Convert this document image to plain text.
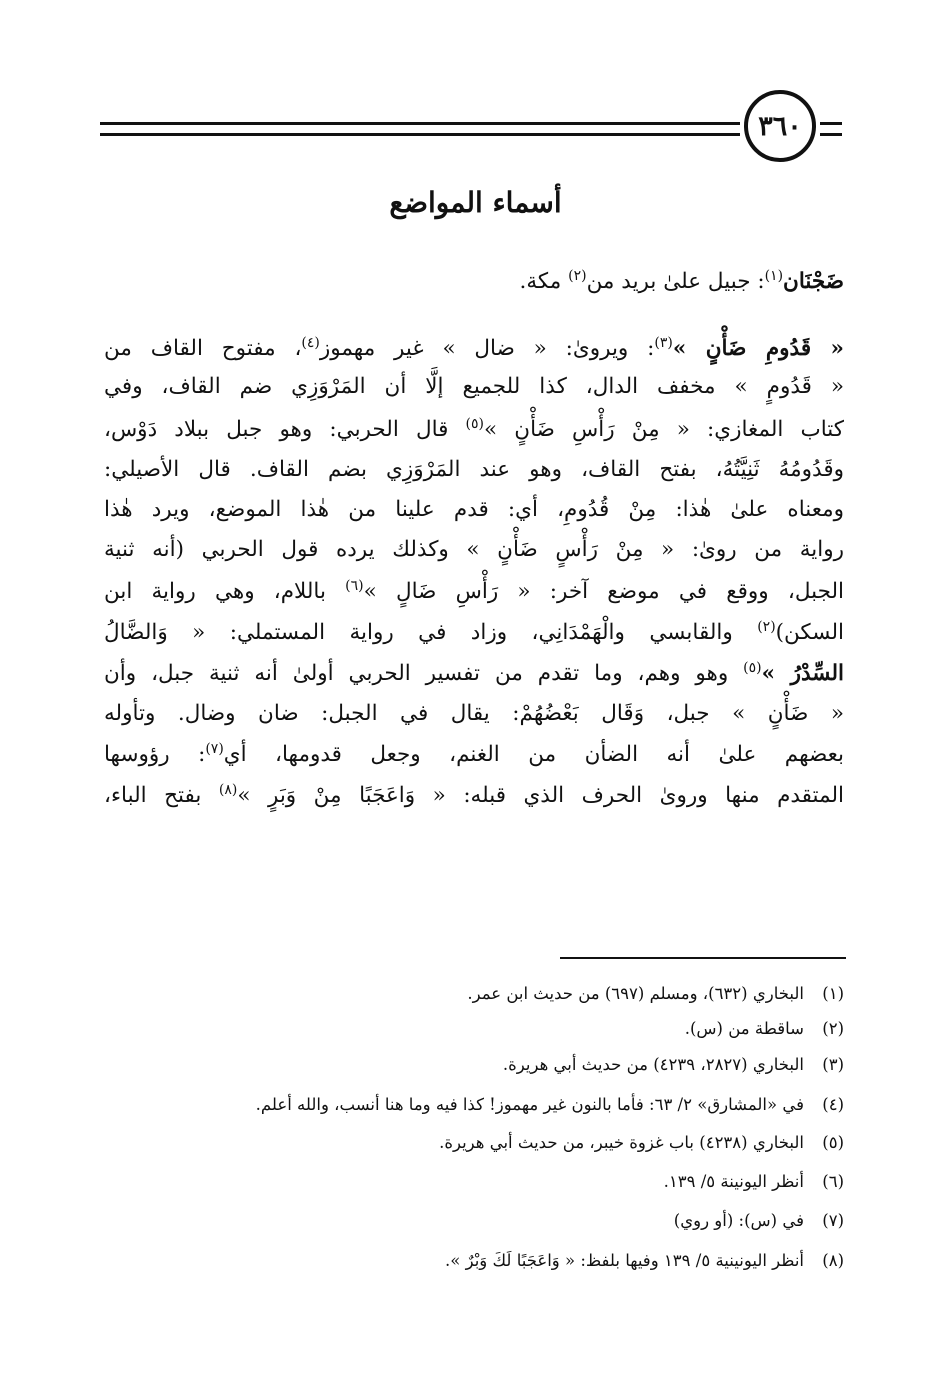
٣٦٠
أسماء المواضع
ضَجْنَان$^{(١)}$: جبيل علىٰ بريد من$^{(٢)}$ مكة.
« قَدُومِ ضَأْنٍ »$^{(٣)}$: ويروىٰ: « ضال » غير مهموز$^{(٤)}$، مفتوح القاف من
« قَدُومٍ » مخفف الدال، كذا للجميع إلَّا أن المَرْوَزِي ضم القاف، وفي
كتاب المغازي: « مِنْ رَأْسِ ضَأْنٍ »$^{(٥)}$ قال الحربي: وهو جبل ببلاد دَوْس،
وقَدُومُهُ ثَنِيَّتُهُ، بفتح القاف، وهو عند المَرْوَزِي بضم القاف. قال الأصيلي:
ومعناه علىٰ هٰذا: مِنْ قُدُومِ، أي: قدم علينا من هٰذا الموضع، ويرد هٰذا
رواية من روىٰ: « مِنْ رَأْسٍ ضَأْنٍ » وكذلك يرده قول الحربي (أنه ثنية
الجبل، ووقع في موضع آخر: « رَأْسِ ضَالٍ »$^{(٦)}$ باللام، وهي رواية ابن
السكن)$^{(٢)}$ والقابسي والْهَمْدَانِي، وزاد في رواية المستملي: « وَالضَّالُ
السِّدْرُ »$^{(٥)}$ وهو وهم، وما تقدم من تفسير الحربي أولىٰ أنه ثنية جبل، وأن
« ضَأْنٍ » جبل، وَقَال بَعْضُهُمْ: يقال في الجبل: ضان وضال. وتأوله
بعضهم علىٰ أنه الضأن من الغنم، وجعل قدومها، أي$^{(٧)}$: رؤوسها
المتقدم منها وروىٰ الحرف الذي قبله: « وَاعَجَبًا مِنْ وَبَرٍ »$^{(٨)}$ بفتح الباء،
(١)البخاري (٦٣٢)، ومسلم (٦٩٧) من حديث ابن عمر.
(٢)ساقطة من (س).
(٣)البخاري (٢٨٢٧، ٤٢٣٩) من حديث أبي هريرة.
(٤)في «المشارق» ٢/ ٦٣: فأما بالنون غير مهموز! كذا فيه وما هنا أنسب، والله أعلم.
(٥)البخاري (٤٢٣٨) باب غزوة خيبر، من حديث أبي هريرة.
(٦)أنظر اليونينة ٥/ ١٣٩.
(٧)في (س): (أو روي)
(٨)أنظر اليونينية ٥/ ١٣٩ وفيها بلفظ: « وَاعَجَبًا لَكَ وَبْرٌ ».
